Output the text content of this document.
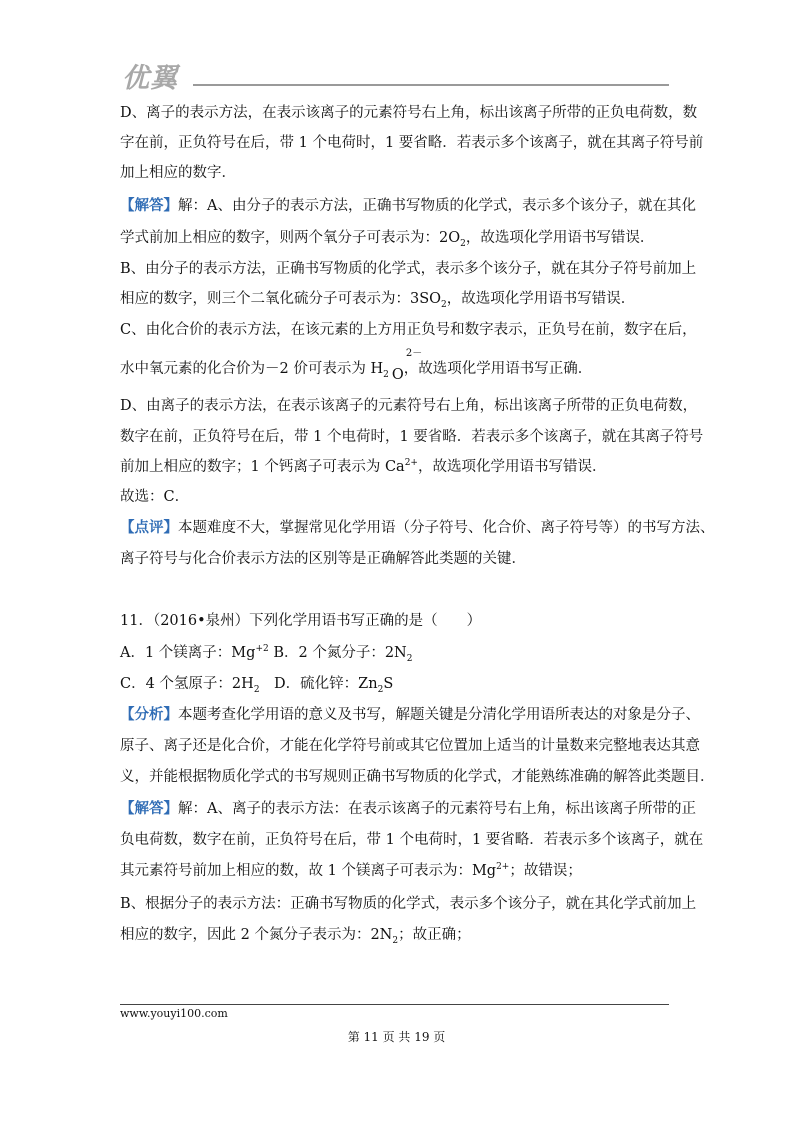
优翼
D、离子的表示方法，在表示该离子的元素符号右上角，标出该离子所带的正负电荷数，数
字在前，正负符号在后，带 1 个电荷时，1 要省略．若表示多个该离子，就在其离子符号前
加上相应的数字．
【解答】解：A、由分子的表示方法，正确书写物质的化学式，表示多个该分子，就在其化
学式前加上相应的数字，则两个氧分子可表示为：$2O_2$，故选项化学用语书写错误．
B、由分子的表示方法，正确书写物质的化学式，表示多个该分子，就在其分子符号前加上
相应的数字，则三个二氧化硫分子可表示为：$3SO_2$，故选项化学用语书写错误．
C、由化合价的表示方法，在该元素的上方用正负号和数字表示，正负号在前，数字在后，
水中氧元素的化合价为－2 价可表示为 $H_2$
2－
O，故选项化学用语书写正确．
D、由离子的表示方法，在表示该离子的元素符号右上角，标出该离子所带的正负电荷数，
数字在前，正负符号在后，带 1 个电荷时，1 要省略．若表示多个该离子，就在其离子符号
前加上相应的数字；1 个钙离子可表示为 $Ca^{2+}$，故选项化学用语书写错误．
故选：C．
【点评】本题难度不大，掌握常见化学用语（分子符号、化合价、离子符号等）的书写方法、
离子符号与化合价表示方法的区别等是正确解答此类题的关键．
11．（2016•泉州）下列化学用语书写正确的是（　　）
A．1 个镁离子：$Mg^{+2}$ B．2 个氮分子：$2N_2$
C．4 个氢原子：$2H_2$　D．硫化锌：$Zn_2S$
【分析】本题考查化学用语的意义及书写，解题关键是分清化学用语所表达的对象是分子、
原子、离子还是化合价，才能在化学符号前或其它位置加上适当的计量数来完整地表达其意
义，并能根据物质化学式的书写规则正确书写物质的化学式，才能熟练准确的解答此类题目．
【解答】解：A、离子的表示方法：在表示该离子的元素符号右上角，标出该离子所带的正
负电荷数，数字在前，正负符号在后，带 1 个电荷时，1 要省略．若表示多个该离子，就在
其元素符号前加上相应的数，故 1 个镁离子可表示为：$Mg^{2+}$；故错误；
B、根据分子的表示方法：正确书写物质的化学式，表示多个该分子，就在其化学式前加上
相应的数字，因此 2 个氮分子表示为：$2N_2$；故正确；
www.youyi100.com
第 11 页 共 19 页
